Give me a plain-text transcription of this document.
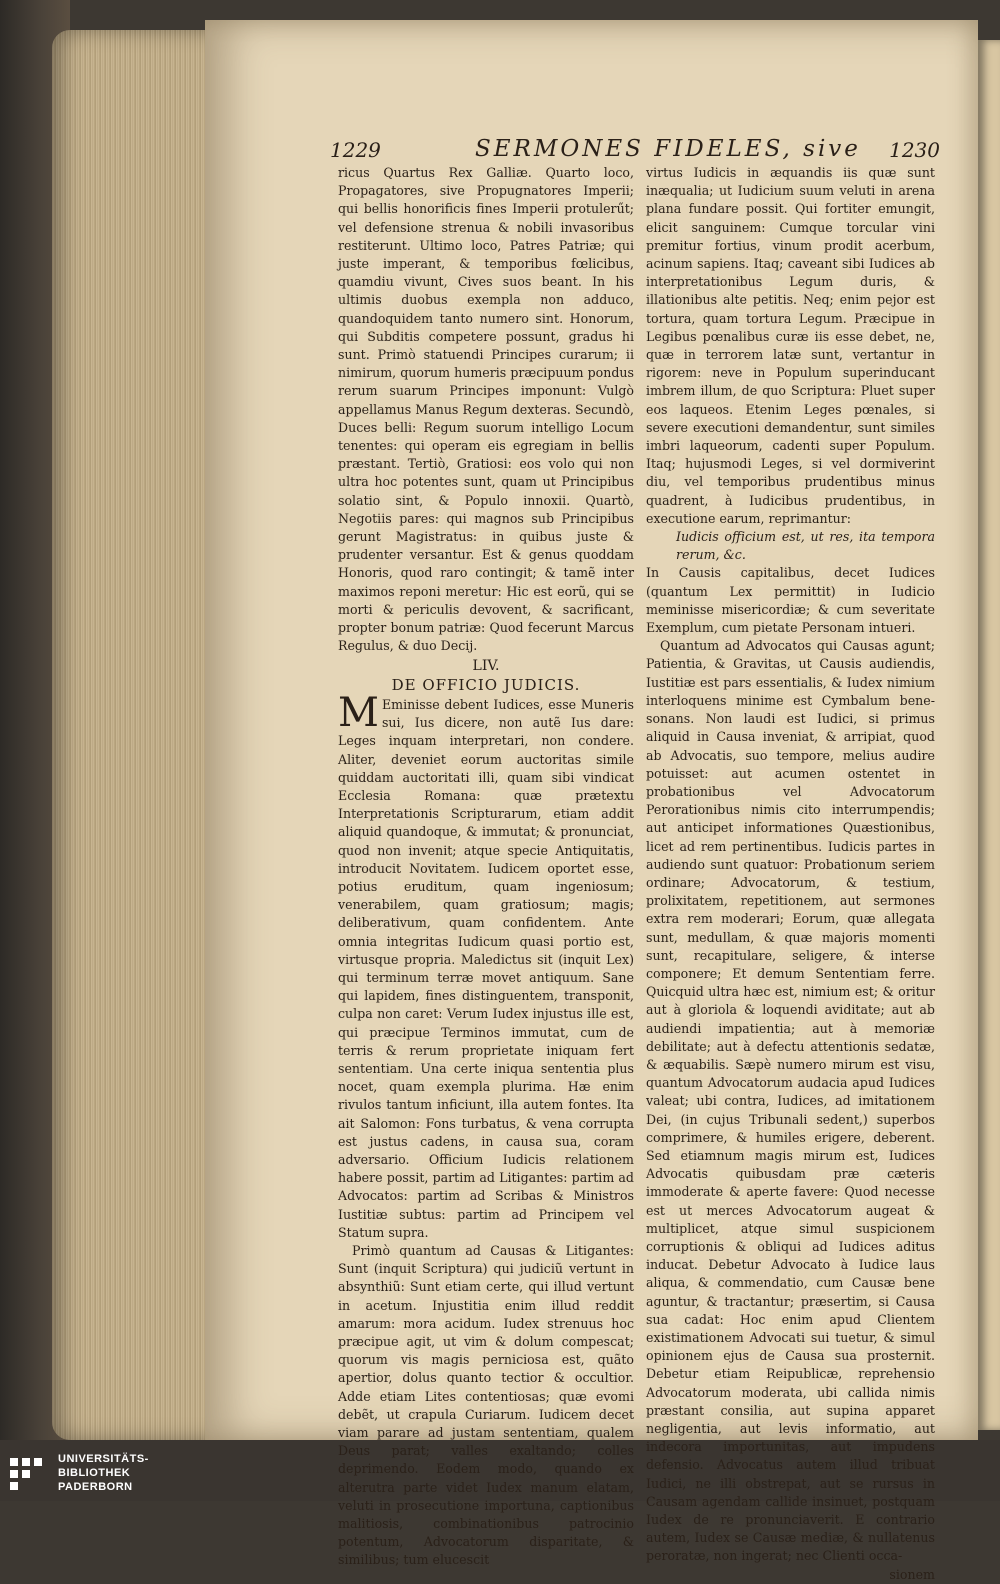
1229	SERMONES FIDELES, sive 1230

ricus Quartus Rex Galliæ. Quarto loco, Propagatores, sive Propugnatores Imperii; qui bellis honorificis fines Imperii protulerűt; vel defensione strenua & nobili invasoribus restiterunt. Ultimo loco, Patres Patriæ; qui juste imperant, & temporibus fœlicibus, quamdiu vivunt, Cives suos beant. In his ultimis duobus exempla non adduco, quandoquidem tanto numero sint. Honorum, qui Subditis competere possunt, gradus hi sunt. Primò statuendi Principes curarum; ii nimirum, quorum humeris præcipuum pondus rerum suarum Principes imponunt: Vulgò appellamus Manus Regum dexteras. Secundò, Duces belli: Regum suorum intelligo Locum tenentes: qui operam eis egregiam in bellis præstant. Tertiò, Gratiosi: eos volo qui non ultra hoc potentes sunt, quam ut Principibus solatio sint, & Populo innoxii. Quartò, Negotiis pares: qui magnos sub Principibus gerunt Magistratus: in quibus juste & prudenter versantur. Est & genus quoddam Honoris, quod raro contingit; & tamẽ inter maximos reponi meretur: Hic est eorũ, qui se morti & periculis devovent, & sacrificant, propter bonum patriæ: Quod fecerunt Marcus Regulus, & duo Decij.

LIV.
DE OFFICIO JUDICIS.

M Eminisse debent Iudices, esse Muneris sui, Ius dicere, non autẽ Ius dare: Leges inquam interpretari, non condere. Aliter, deveniet eorum auctoritas simile quiddam auctoritati illi, quam sibi vindicat Ecclesia Romana: quæ prætextu Interpretationis Scripturarum, etiam addit aliquid quandoque, & immutat; & pronunciat, quod non invenit; atque specie Antiquitatis, introducit Novitatem. Iudicem oportet esse, potius eruditum, quam ingeniosum; venerabilem, quam gratiosum; magis; deliberativum, quam confidentem. Ante omnia integritas Iudicum quasi portio est, virtusque propria. Maledictus sit (inquit Lex) qui terminum terræ movet antiquum. Sane qui lapidem, fines distinguentem, transponit, culpa non caret: Verum Iudex injustus ille est, qui præcipue Terminos immutat, cum de terris & rerum proprietate iniquam fert sententiam. Una certe iniqua sententia plus nocet, quam exempla plurima. Hæ enim rivulos tantum inficiunt, illa autem fontes. Ita ait Salomon: Fons turbatus, & vena corrupta est justus cadens, in causa sua, coram adversario. Officium Iudicis relationem habere possit, partim ad Litigantes: partim ad Advocatos: partim ad Scribas & Ministros Iustitiæ subtus: partim ad Principem vel Statum supra.

Primò quantum ad Causas & Litigantes: Sunt (inquit Scriptura) qui judiciũ vertunt in absynthiũ: Sunt etiam certe, qui illud vertunt in acetum. Injustitia enim illud reddit amarum: mora acidum. Iudex strenuus hoc præcipue agit, ut vim & dolum compescat; quorum vis magis perniciosa est, quãto apertior, dolus quanto tectior & occultior. Adde etiam Lites contentiosas; quæ evomi debẽt, ut crapula Curiarum. Iudicem decet viam parare ad justam sententiam, qualem Deus parat; valles exaltando; colles deprimendo. Eodem modo, quando ex alterutra parte videt Iudex manum elatam, veluti in prosecutione importuna, captionibus malitiosis, combinationibus patrocinio potentum, Advocatorum disparitate, & similibus; tum elucescit

virtus Iudicis in æquandis iis quæ sunt inæqualia; ut Iudicium suum veluti in arena plana fundare possit. Qui fortiter emungit, elicit sanguinem: Cumque torcular vini premitur fortius, vinum prodit acerbum, acinum sapiens. Itaq; caveant sibi Iudices ab interpretationibus Legum duris, & illationibus alte petitis. Neq; enim pejor est tortura, quam tortura Legum. Præcipue in Legibus pœnalibus curæ iis esse debet, ne, quæ in terrorem latæ sunt, vertantur in rigorem: neve in Populum superinducant imbrem illum, de quo Scriptura: Pluet super eos laqueos. Etenim Leges pœnales, si severe executioni demandentur, sunt similes imbri laqueorum, cadenti super Populum. Itaq; hujusmodi Leges, si vel dormiverint diu, vel temporibus prudentibus minus quadrent, à Iudicibus prudentibus, in executione earum, reprimantur:

Iudicis officium est, ut res, ita tempora rerum, &c.

In Causis capitalibus, decet Iudices (quantum Lex permittit) in Iudicio meminisse misericordiæ; & cum severitate Exemplum, cum pietate Personam intueri.

Quantum ad Advocatos qui Causas agunt; Patientia, & Gravitas, ut Causis audiendis, Iustitiæ est pars essentialis, & Iudex nimium interloquens minime est Cymbalum bene-sonans. Non laudi est Iudici, si primus aliquid in Causa inveniat, & arripiat, quod ab Advocatis, suo tempore, melius audire potuisset: aut acumen ostentet in probationibus vel Advocatorum Perorationibus nimis cito interrumpendis; aut anticipet informationes Quæstionibus, licet ad rem pertinentibus. Iudicis partes in audiendo sunt quatuor: Probationum seriem ordinare; Advocatorum, & testium, prolixitatem, repetitionem, aut sermones extra rem moderari; Eorum, quæ allegata sunt, medullam, & quæ majoris momenti sunt, recapitulare, seligere, & interse componere; Et demum Sententiam ferre. Quicquid ultra hæc est, nimium est; & oritur aut à gloriola & loquendi aviditate; aut ab audiendi impatientia; aut à memoriæ debilitate; aut à defectu attentionis sedatæ, & æquabilis. Sæpè numero mirum est visu, quantum Advocatorum audacia apud Iudices valeat; ubi contra, Iudices, ad imitationem Dei, (in cujus Tribunali sedent,) superbos comprimere, & humiles erigere, deberent. Sed etiamnum magis mirum est, Iudices Advocatis quibusdam præ cæteris immoderate & aperte favere: Quod necesse est ut merces Advocatorum augeat & multiplicet, atque simul suspicionem corruptionis & obliqui ad Iudices aditus inducat. Debetur Advocato à Iudice laus aliqua, & commendatio, cum Causæ bene aguntur, & tractantur; præsertim, si Causa sua cadat: Hoc enim apud Clientem existimationem Advocati sui tuetur, & simul opinionem ejus de Causa sua prosternit. Debetur etiam Reipublicæ, reprehensio Advocatorum moderata, ubi callida nimis præstant consilia, aut supina apparet negligentia, aut levis informatio, aut indecora importunitas, aut impudens defensio. Advocatus autem illud tribuat Iudici, ne illi obstrepat, aut se rursus in Causam agendam callide insinuet, postquam Iudex de re pronunciaverit. E contrario autem, Iudex se Causæ mediæ, & nullatenus peroratæ, non ingerat; nec Clienti occa-

sionem

UNIVERSITÄTS-
BIBLIOTHEK
PADERBORN
